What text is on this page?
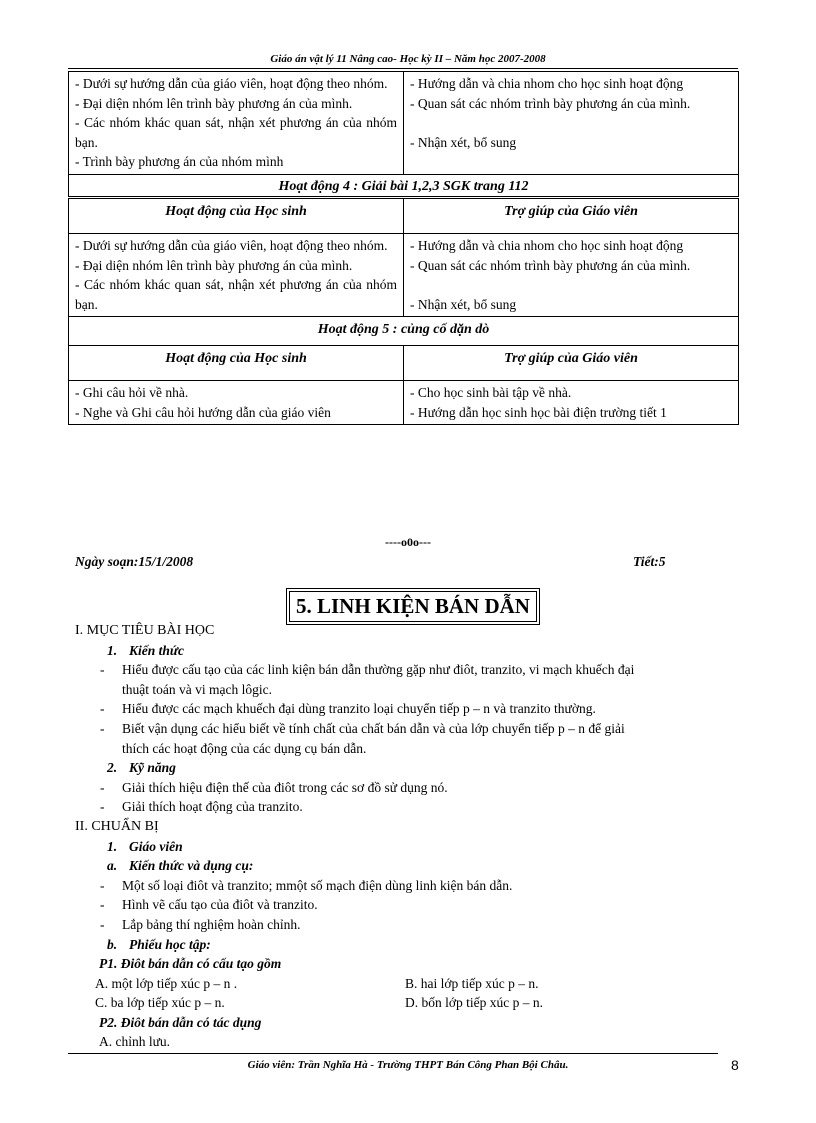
Giáo án vật lý 11 Nâng cao- Học kỳ II – Năm học 2007-2008
- Dưới sự hướng dẫn của giáo viên, hoạt động theo nhóm.
- Đại diện nhóm lên trình bày phương án của mình.
- Các nhóm khác quan sát, nhận xét phương án của nhóm bạn.
- Trình bày phương án của nhóm mình	- Hướng dẫn và chia nhom cho học sinh hoạt động
- Quan sát các nhóm trình bày phương án của mình.
- Nhận xét, bổ sung

Hoạt động 4 : Giải bài 1,2,3 SGK trang 112	
Hoạt động của Học sinh	Trợ giúp của Giáo viên

- Dưới sự hướng dẫn của giáo viên, hoạt động theo nhóm.
- Đại diện nhóm lên trình bày phương án của mình.
- Các nhóm khác quan sát, nhận xét phương án của nhóm bạn.	- Hướng dẫn và chia nhom cho học sinh hoạt động
- Quan sát các nhóm trình bày phương án của mình.
- Nhận xét, bổ sung

Hoạt động 5 : củng cố dặn dò	
Hoạt động của Học sinh	Trợ giúp của Giáo viên

- Ghi câu hỏi về nhà.
- Nghe và Ghi câu hỏi hướng dẫn của giáo viên	- Cho học sinh bài tập về nhà.
- Hướng dẫn học sinh học bài điện trường tiết 1
----o0o---
Ngày soạn:15/1/2008	Tiết:5
5. LINH KIỆN BÁN DẪN
I. MỤC TIÊU BÀI HỌC
1. Kiến thức
- Hiểu được cấu tạo của các linh kiện bán dẫn thường gặp như điôt, tranzito, vi mạch khuếch đại
thuật toán và vi mạch lôgic.
- Hiểu được các mạch khuếch đại dùng tranzito loại chuyển tiếp p – n và tranzito thường.
- Biết vận dụng các hiểu biết về tính chất của chất bán dẫn và của lớp chuyển tiếp p – n để giải
thích các hoạt động của các dụng cụ bán dẫn.
2. Kỹ năng
- Giải thích hiệu điện thế của điôt trong các sơ đồ sử dụng nó.
- Giải thích hoạt động của tranzito.
II. CHUẨN BỊ
1. Giáo viên
a. Kiến thức và dụng cụ:
- Một số loại điôt và tranzito; mmột số mạch điện dùng linh kiện bán dẫn.
- Hình vẽ cấu tạo của điôt và tranzito.
- Lắp bảng thí nghiệm hoàn chỉnh.
b. Phiếu học tập:
P1. Điôt bán dẫn có cấu tạo gồm
A. một lớp tiếp xúc p – n .	B. hai lớp tiếp xúc p – n.
C. ba lớp tiếp xúc p – n.	D. bốn lớp tiếp xúc p – n.
P2. Điôt bán dẫn có tác dụng
A. chỉnh lưu.
Giáo viên: Trần Nghĩa Hà - Trường THPT Bán Công Phan Bội Châu.	8
